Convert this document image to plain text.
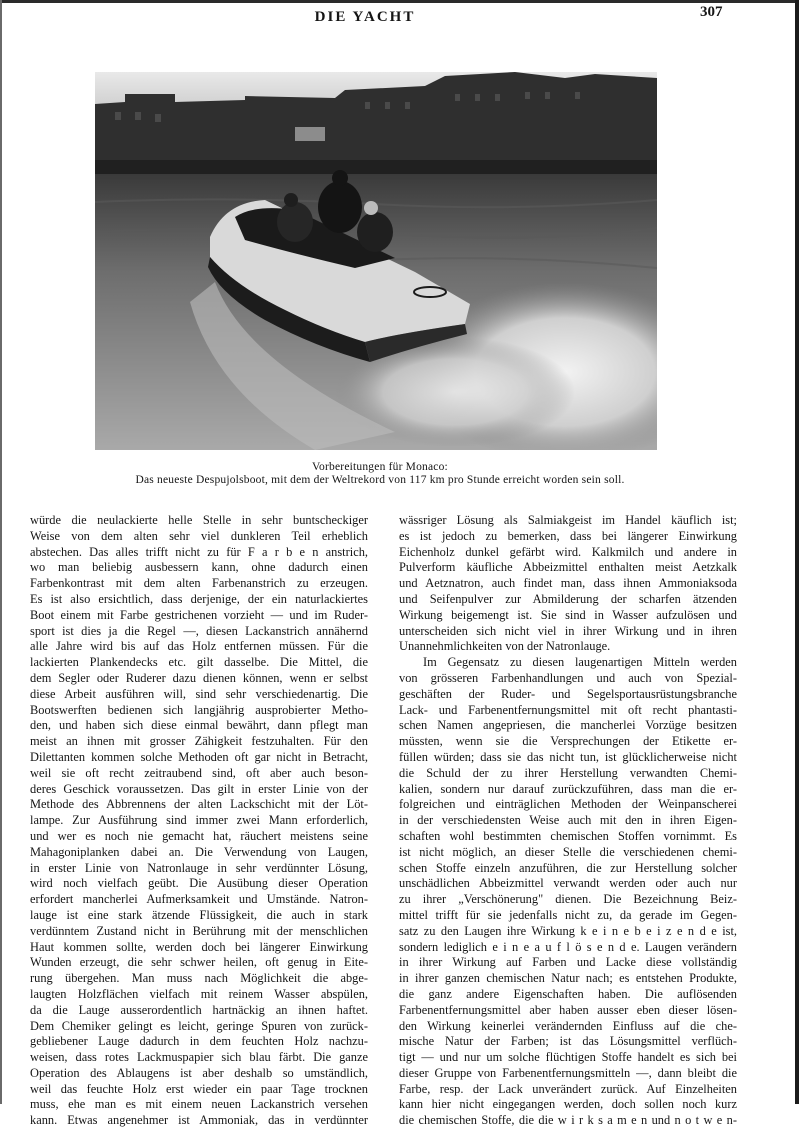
DIE YACHT	307
Vorbereitungen für Monaco:
Das neueste Despujolsboot, mit dem der Weltrekord von 117 km pro Stunde erreicht worden sein soll.
würde die neulackierte helle Stelle in sehr buntscheckiger
Weise von dem alten sehr viel dunkleren Teil erheblich
abstechen. Das alles trifft nicht zu für F a r b e n anstrich,
wo man beliebig ausbessern kann, ohne dadurch einen
Farbenkontrast mit dem alten Farbenanstrich zu erzeugen.
Es ist also ersichtlich, dass derjenige, der ein naturlackiertes
Boot einem mit Farbe gestrichenen vorzieht — und im Ruder-
sport ist dies ja die Regel —, diesen Lackanstrich annähernd
alle Jahre wird bis auf das Holz entfernen müssen. Für die
lackierten Plankendecks etc. gilt dasselbe. Die Mittel, die
dem Segler oder Ruderer dazu dienen können, wenn er selbst
diese Arbeit ausführen will, sind sehr verschiedenartig. Die
Bootswerften bedienen sich langjährig ausprobierter Metho-
den, und haben sich diese einmal bewährt, dann pflegt man
meist an ihnen mit grosser Zähigkeit festzuhalten. Für den
Dilettanten kommen solche Methoden oft gar nicht in Betracht,
weil sie oft recht zeitraubend sind, oft aber auch beson-
deres Geschick voraussetzen. Das gilt in erster Linie von der
Methode des Abbrennens der alten Lackschicht mit der Löt-
lampe. Zur Ausführung sind immer zwei Mann erforderlich,
und wer es noch nie gemacht hat, räuchert meistens seine
Mahagoniplanken dabei an. Die Verwendung von Laugen,
in erster Linie von Natronlauge in sehr verdünnter Lösung,
wird noch vielfach geübt. Die Ausübung dieser Operation
erfordert mancherlei Aufmerksamkeit und Umstände. Natron-
lauge ist eine stark ätzende Flüssigkeit, die auch in stark
verdünntem Zustand nicht in Berührung mit der menschlichen
Haut kommen sollte, werden doch bei längerer Einwirkung
Wunden erzeugt, die sehr schwer heilen, oft genug in Eite-
rung übergehen. Man muss nach Möglichkeit die abge-
laugten Holzflächen vielfach mit reinem Wasser abspülen,
da die Lauge ausserordentlich hartnäckig an ihnen haftet.
Dem Chemiker gelingt es leicht, geringe Spuren von zurück-
gebliebener Lauge dadurch in dem feuchten Holz nachzu-
weisen, dass rotes Lackmuspapier sich blau färbt. Die ganze
Operation des Ablaugens ist aber deshalb so umständlich,
weil das feuchte Holz erst wieder ein paar Tage trocknen
muss, ehe man es mit einem neuen Lackanstrich versehen
kann. Etwas angenehmer ist Ammoniak, das in verdünnter
wässriger Lösung als Salmiakgeist im Handel käuflich ist;
es ist jedoch zu bemerken, dass bei längerer Einwirkung
Eichenholz dunkel gefärbt wird. Kalkmilch und andere in
Pulverform käufliche Abbeizmittel enthalten meist Aetzkalk
und Aetznatron, auch findet man, dass ihnen Ammoniaksoda
und Seifenpulver zur Abmilderung der scharfen ätzenden
Wirkung beigemengt ist. Sie sind in Wasser aufzulösen und
unterscheiden sich nicht viel in ihrer Wirkung und in ihren
Unannehmlichkeiten von der Natronlauge.
Im Gegensatz zu diesen laugenartigen Mitteln werden
von grösseren Farbenhandlungen und auch von Spezial-
geschäften der Ruder- und Segelsportausrüstungsbranche
Lack- und Farbenentfernungsmittel mit oft recht phantasti-
schen Namen angepriesen, die mancherlei Vorzüge besitzen
müssten, wenn sie die Versprechungen der Etikette er-
füllen würden; dass sie das nicht tun, ist glücklicherweise nicht
die Schuld der zu ihrer Herstellung verwandten Chemi-
kalien, sondern nur darauf zurückzuführen, dass man die er-
folgreichen und einträglichen Methoden der Weinpanscherei
in der verschiedensten Weise auch mit den in ihren Eigen-
schaften wohl bestimmten chemischen Stoffen vornimmt. Es
ist nicht möglich, an dieser Stelle die verschiedenen chemi-
schen Stoffe einzeln anzuführen, die zur Herstellung solcher
unschädlichen Abbeizmittel verwandt werden oder auch nur
zu ihrer „Verschönerung" dienen. Die Bezeichnung Beiz-
mittel trifft für sie jedenfalls nicht zu, da gerade im Gegen-
satz zu den Laugen ihre Wirkung k e i n e b e i z e n d e ist,
sondern lediglich e i n e a u f l ö s e n d e. Laugen verändern
in ihrer Wirkung auf Farben und Lacke diese vollständig
in ihrer ganzen chemischen Natur nach; es entstehen Produkte,
die ganz andere Eigenschaften haben. Die auflösenden
Farbenentfernungsmittel aber haben ausser eben dieser lösen-
den Wirkung keinerlei verändernden Einfluss auf die che-
mische Natur der Farben; ist das Lösungsmittel verflüch-
tigt — und nur um solche flüchtigen Stoffe handelt es sich bei
dieser Gruppe von Farbenentfernungsmitteln —, dann bleibt die
Farbe, resp. der Lack unverändert zurück. Auf Einzelheiten
kann hier nicht eingegangen werden, doch sollen noch kurz
die chemischen Stoffe, die die w i r k s a m e n und n o t w e n-
